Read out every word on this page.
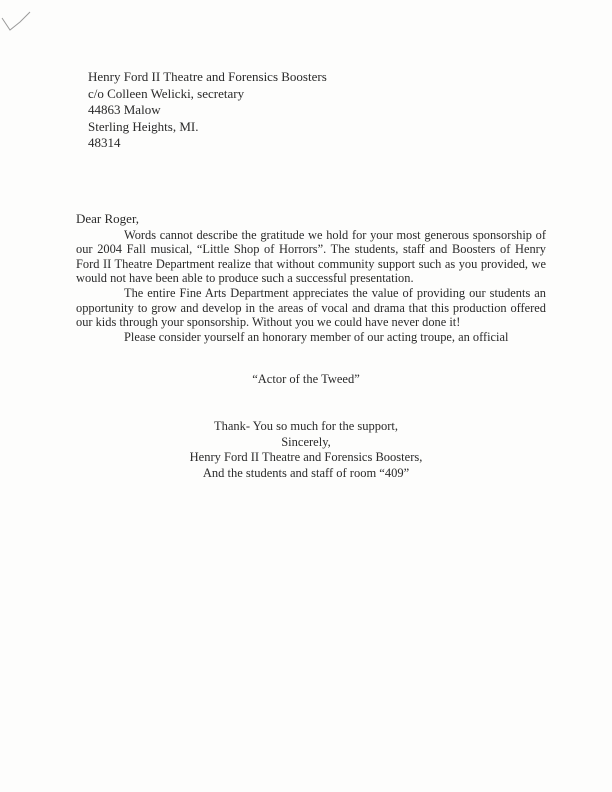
Henry Ford II Theatre and Forensics Boosters
c/o Colleen Welicki, secretary
44863 Malow
Sterling Heights, MI.
48314
Dear Roger,

Words cannot describe the gratitude we hold for your most generous sponsorship of our 2004 Fall musical, “Little Shop of Horrors”. The students, staff and Boosters of Henry Ford II Theatre Department realize that without community support such as you provided, we would not have been able to produce such a successful presentation.

The entire Fine Arts Department appreciates the value of providing our students an opportunity to grow and develop in the areas of vocal and drama that this production offered our kids through your sponsorship. Without you we could have never done it!

Please consider yourself an honorary member of our acting troupe, an official

“Actor of the Tweed”
Thank- You so much for the support,
Sincerely,
Henry Ford II Theatre and Forensics Boosters,
And the students and staff of room “409”
